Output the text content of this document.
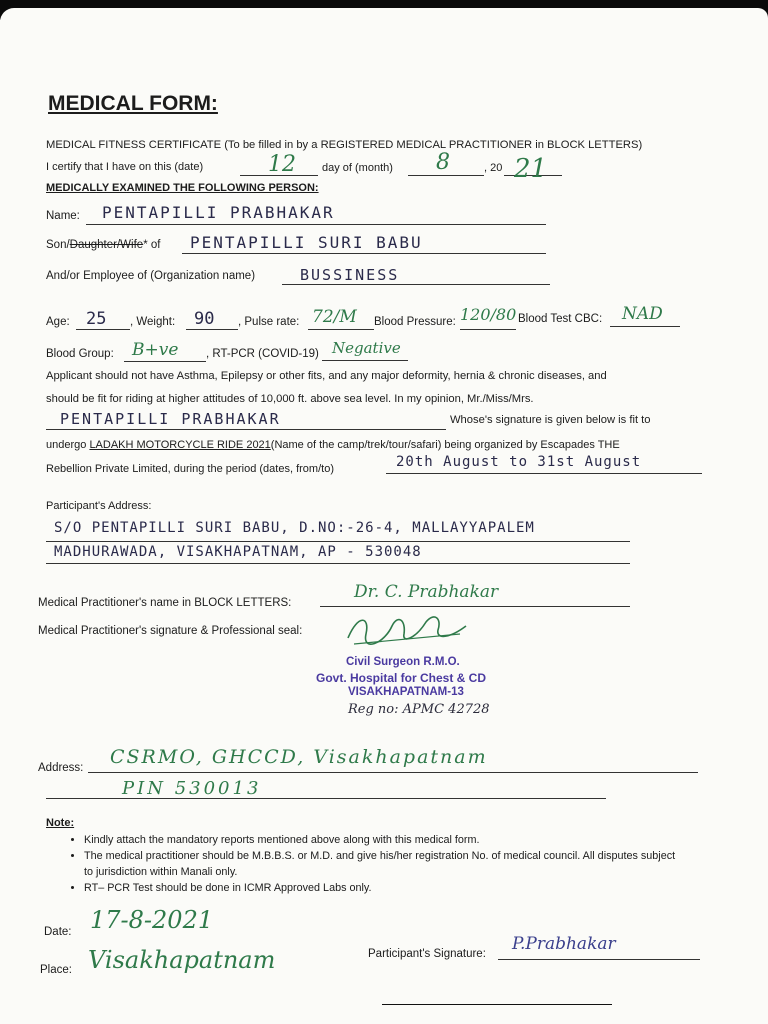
MEDICAL FORM:
MEDICAL FITNESS CERTIFICATE (To be filled in by a REGISTERED MEDICAL PRACTITIONER in BLOCK LETTERS)
I certify that I have on this (date)	12 day of (month) 8	, 20 21
MEDICALLY EXAMINED THE FOLLOWING PERSON:
Name: PENTAPILLI PRABHAKAR
Son/Daughter/Wife* of PENTAPILLI SURI BABU
And/or Employee of (Organization name)	BUSSINESS
Age: 25 , Weight: 90 , Pulse rate: 72/M Blood Pressure: 120/80 Blood Test CBC: NAD
Blood Group: B+ve , RT-PCR (COVID-19) Negative
Applicant should not have Asthma, Epilepsy or other fits, and any major deformity, hernia & chronic diseases, and
should be fit for riding at higher attitudes of 10,000 ft. above sea level. In my opinion, Mr./Miss/Mrs.
PENTAPILLI PRABHAKAR	Whose's signature is given below is fit to
undergo LADAKH MOTORCYCLE RIDE 2021(Name of the camp/trek/tour/safari) being organized by Escapades THE
Rebellion Private Limited, during the period (dates, from/to)	20th August to 31st August
Participant's Address:
S/O PENTAPILLI SURI BABU, D.NO:-26-4, MALLAYYAPALEM
MADHURAWADA, VISAKHAPATNAM, AP - 530048
Medical Practitioner's name in BLOCK LETTERS:
Dr. C. Prabhakar
Medical Practitioner's signature & Professional seal:
Civil Surgeon R.M.O.
Govt. Hospital for Chest & CD
VISAKHAPATNAM-13
Reg no: APMC 42728
Address: CSRMO, GHCCD, Visakhapatnam
PIN 530013
Note:
• Kindly attach the mandatory reports mentioned above along with this medical form.
• The medical practitioner should be M.B.B.S. or M.D. and give his/her registration No. of medical council. All disputes subject to jurisdiction within Manali only.
• RT– PCR Test should be done in ICMR Approved Labs only.
Date: 17-8-2021
Place: Visakhapatnam	Participant's Signature: P.Prabhakar
